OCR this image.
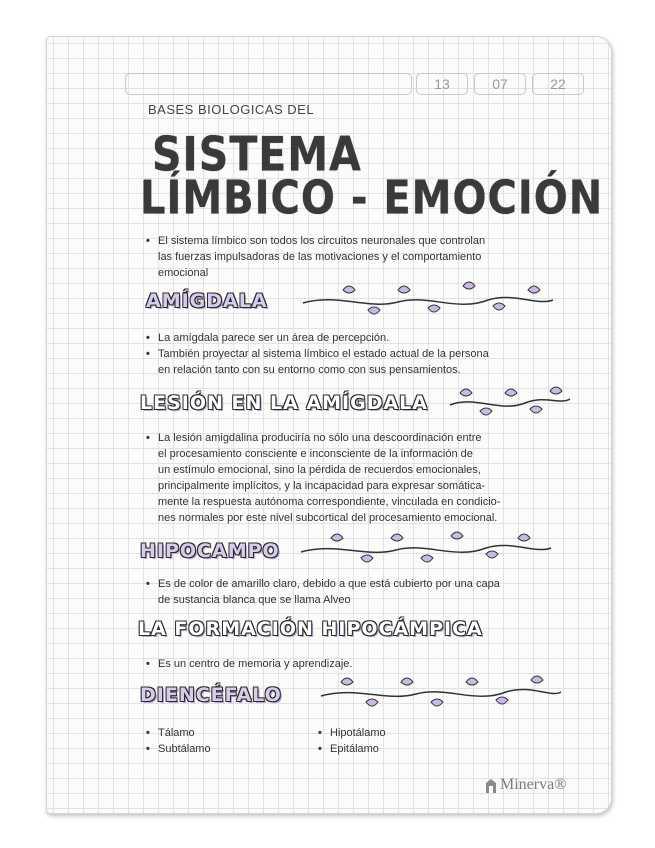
13	07	22
BASES BIOLOGICAS DEL
SISTEMA
LÍMBICO - EMOCIÓN
• El sistema límbico son todos los circuitos neuronales que controlan
las fuerzas impulsadoras de las motivaciones y el comportamiento
emocional
AMÍGDALA
• La amígdala parece ser un área de percepción.
• También proyectar al sistema límbico el estado actual de la persona
en relación tanto con su entorno como con sus pensamientos.
LESIÓN EN LA AMÍGDALA
• La lesión amigdalina produciría no sólo una descoordinación entre
el procesamiento consciente e inconsciente de la información de
un estímulo emocional, sino la pérdida de recuerdos emocionales,
principalmente implícitos, y la incapacidad para expresar somática-
mente la respuesta autónoma correspondiente, vinculada en condicio-
nes normales por este nivel subcortical del procesamiento emocional.
HIPOCAMPO
• Es de color de amarillo claro, debido a que está cubierto por una capa
de sustancia blanca que se llama Alveo
LA FORMACIÓN HIPOCÁMPICA
• Es un centro de memoria y aprendizaje.
DIENCÉFALO
• Tálamo
• Subtálamo
• Hipotálamo
• Epitálamo
Minerva®
